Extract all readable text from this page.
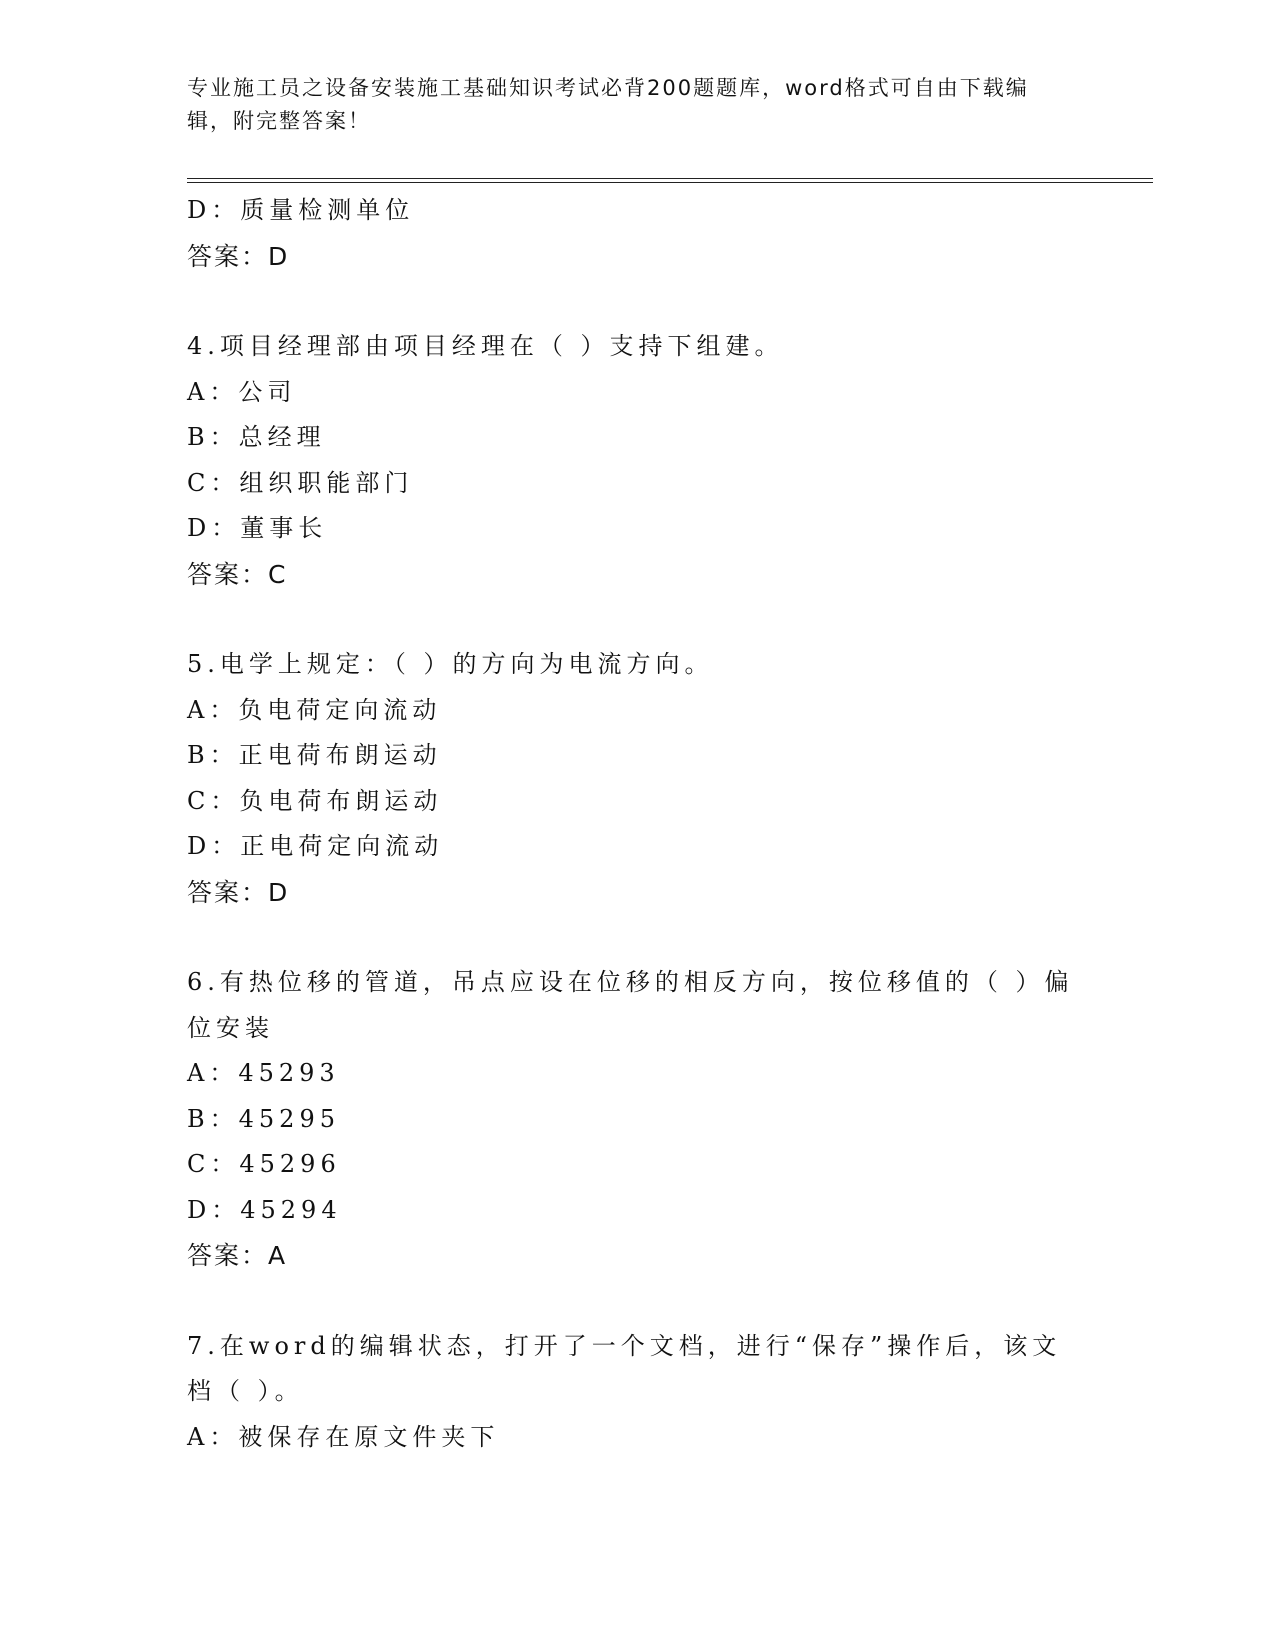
专业施工员之设备安装施工基础知识考试必背200题题库，word格式可自由下载编辑，附完整答案！
D：质量检测单位
答案：D
4.项目经理部由项目经理在（ ）支持下组建。
A：公司
B：总经理
C：组织职能部门
D：董事长
答案：C
5.电学上规定：（ ）的方向为电流方向。
A：负电荷定向流动
B：正电荷布朗运动
C：负电荷布朗运动
D：正电荷定向流动
答案：D
6.有热位移的管道，吊点应设在位移的相反方向，按位移值的（ ）偏位安装
A：45293
B：45295
C：45296
D：45294
答案：A
7.在word的编辑状态，打开了一个文档，进行“保存”操作后，该文档（ ）。
A：被保存在原文件夹下
